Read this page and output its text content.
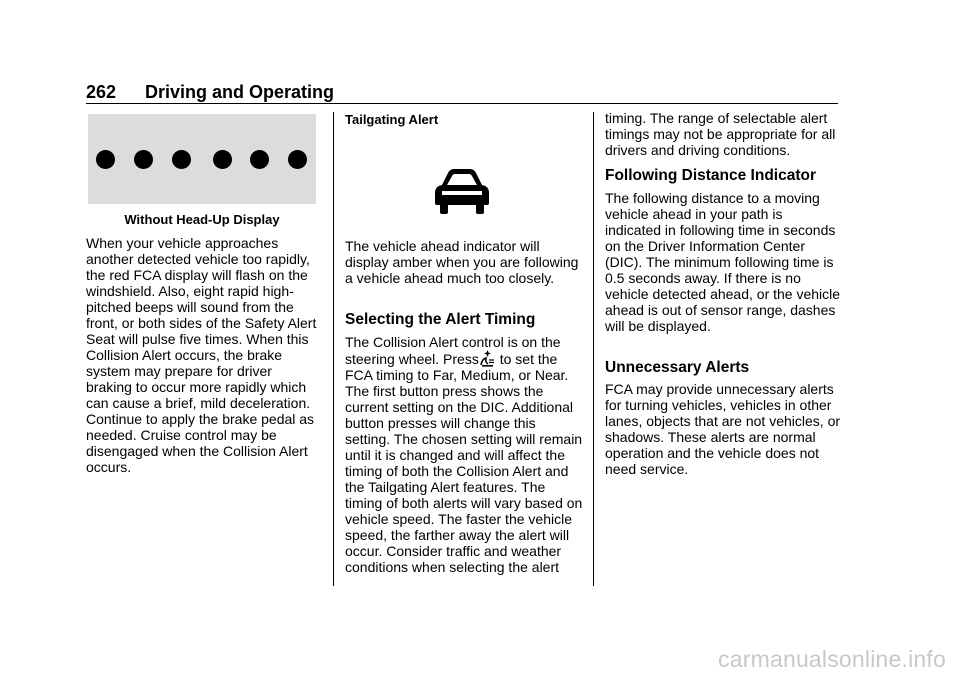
262 Driving and Operating
Without Head-Up Display

When your vehicle approaches another detected vehicle too rapidly, the red FCA display will flash on the windshield. Also, eight rapid high-pitched beeps will sound from the front, or both sides of the Safety Alert Seat will pulse five times. When this Collision Alert occurs, the brake system may prepare for driver braking to occur more rapidly which can cause a brief, mild deceleration. Continue to apply the brake pedal as needed. Cruise control may be disengaged when the Collision Alert occurs.

Tailgating Alert

The vehicle ahead indicator will display amber when you are following a vehicle ahead much too closely.

Selecting the Alert Timing

The Collision Alert control is on the steering wheel. Press to set the FCA timing to Far, Medium, or Near. The first button press shows the current setting on the DIC. Additional button presses will change this setting. The chosen setting will remain until it is changed and will affect the timing of both the Collision Alert and the Tailgating Alert features. The timing of both alerts will vary based on vehicle speed. The faster the vehicle speed, the farther away the alert will occur. Consider traffic and weather conditions when selecting the alert

timing. The range of selectable alert timings may not be appropriate for all drivers and driving conditions.

Following Distance Indicator

The following distance to a moving vehicle ahead in your path is indicated in following time in seconds on the Driver Information Center (DIC). The minimum following time is 0.5 seconds away. If there is no vehicle detected ahead, or the vehicle ahead is out of sensor range, dashes will be displayed.

Unnecessary Alerts

FCA may provide unnecessary alerts for turning vehicles, vehicles in other lanes, objects that are not vehicles, or shadows. These alerts are normal operation and the vehicle does not need service.

carmanualsonline.info
